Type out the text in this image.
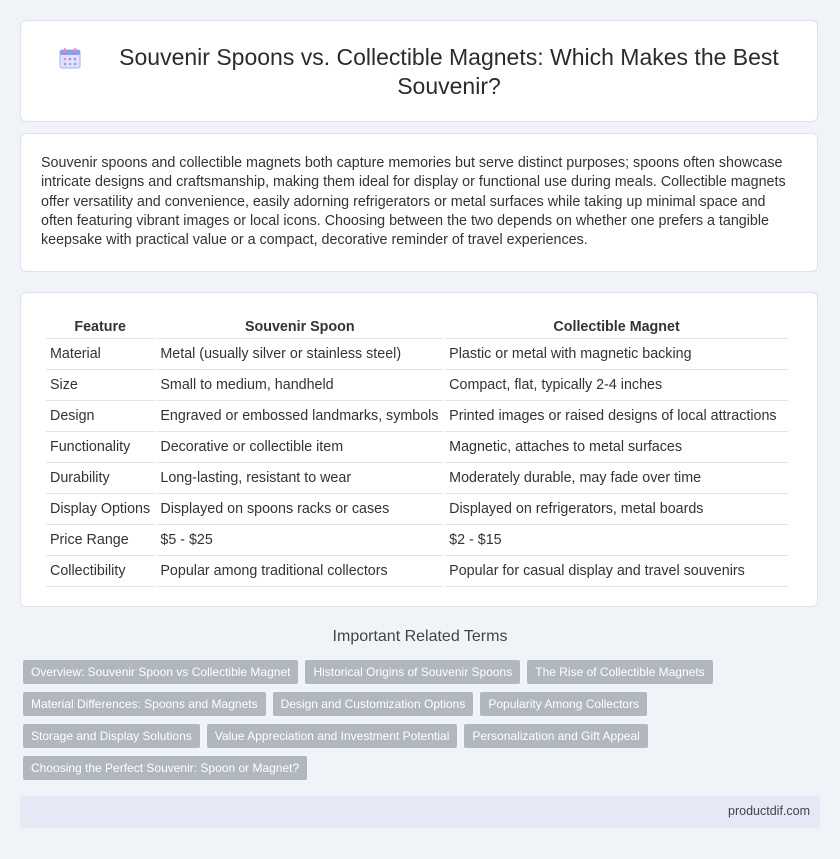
Souvenir Spoons vs. Collectible Magnets: Which Makes the Best Souvenir?

Souvenir spoons and collectible magnets both capture memories but serve distinct purposes; spoons often showcase intricate designs and craftsmanship, making them ideal for display or functional use during meals. Collectible magnets offer versatility and convenience, easily adorning refrigerators or metal surfaces while taking up minimal space and often featuring vibrant images or local icons. Choosing between the two depends on whether one prefers a tangible keepsake with practical value or a compact, decorative reminder of travel experiences.

Feature	Souvenir Spoon	Collectible Magnet
Material	Metal (usually silver or stainless steel)	Plastic or metal with magnetic backing
Size	Small to medium, handheld	Compact, flat, typically 2-4 inches
Design	Engraved or embossed landmarks, symbols	Printed images or raised designs of local attractions
Functionality	Decorative or collectible item	Magnetic, attaches to metal surfaces
Durability	Long-lasting, resistant to wear	Moderately durable, may fade over time
Display Options	Displayed on spoons racks or cases	Displayed on refrigerators, metal boards
Price Range	$5 - $25	$2 - $15
Collectibility	Popular among traditional collectors	Popular for casual display and travel souvenirs
Important Related Terms
Overview: Souvenir Spoon vs Collectible Magnet	Historical Origins of Souvenir Spoons	The Rise of Collectible Magnets
Material Differences: Spoons and Magnets	Design and Customization Options	Popularity Among Collectors
Storage and Display Solutions	Value Appreciation and Investment Potential	Personalization and Gift Appeal
Choosing the Perfect Souvenir: Spoon or Magnet?
productdif.com
